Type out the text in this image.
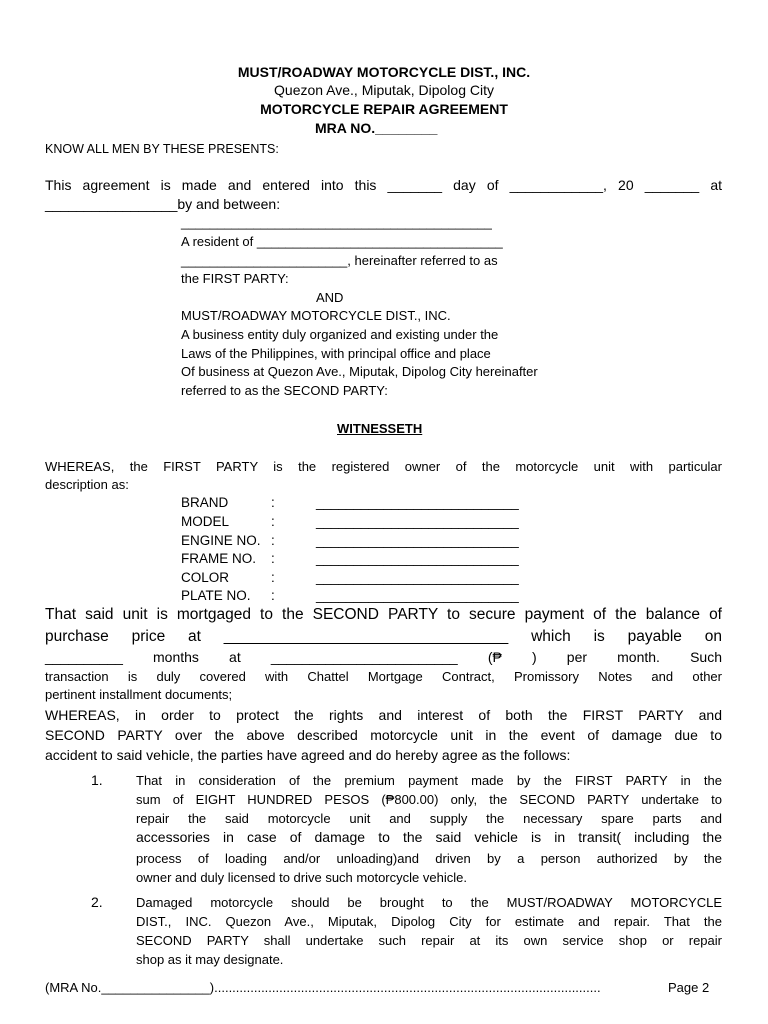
MUST/ROADWAY MOTORCYCLE DIST., INC.
Quezon Ave., Miputak, Dipolog City
MOTORCYCLE REPAIR AGREEMENT
MRA NO.________
KNOW ALL MEN BY THESE PRESENTS:
This agreement is made and entered into this _______ day of ____________, 20 _______ at
_________________by and between:
___________________________________________
A resident of __________________________________
_______________________, hereinafter referred to as
the FIRST PARTY:
AND
MUST/ROADWAY MOTORCYCLE DIST., INC.
A business entity duly organized and existing under the
Laws of the Philippines, with principal office and place
Of business at Quezon Ave., Miputak, Dipolog City hereinafter
referred to as the SECOND PARTY:
WITNESSETH
WHEREAS, the FIRST PARTY is the registered owner of the motorcycle unit with particular
description as:
BRAND	:	___________________________
MODEL	:	___________________________
ENGINE NO. :	___________________________
FRAME NO. :	___________________________
COLOR	:	___________________________
PLATE NO. :	___________________________
That said unit is mortgaged to the SECOND PARTY to secure payment of the balance of
purchase price at _________________________________ which is payable on
__________ months at ________________________ (₱ ) per month. Such
transaction is duly covered with Chattel Mortgage Contract, Promissory Notes and other
pertinent installment documents;
WHEREAS, in order to protect the rights and interest of both the FIRST PARTY and
SECOND PARTY over the above described motorcycle unit in the event of damage due to
accident to said vehicle, the parties have agreed and do hereby agree as the follows:
1.	That in consideration of the premium payment made by the FIRST PARTY in the
sum of EIGHT HUNDRED PESOS (₱800.00) only, the SECOND PARTY undertake to
repair the said motorcycle unit and supply the necessary spare parts and
accessories in case of damage to the said vehicle is in transit( including the
process of loading and/or unloading)and driven by a person authorized by the
owner and duly licensed to drive such motorcycle vehicle.
2.	Damaged motorcycle should be brought to the MUST/ROADWAY MOTORCYCLE
DIST., INC. Quezon Ave., Miputak, Dipolog City for estimate and repair. That the
SECOND PARTY shall undertake such repair at its own service shop or repair
shop as it may designate.
(MRA No._______________)...........................................................................................................	Page 2
